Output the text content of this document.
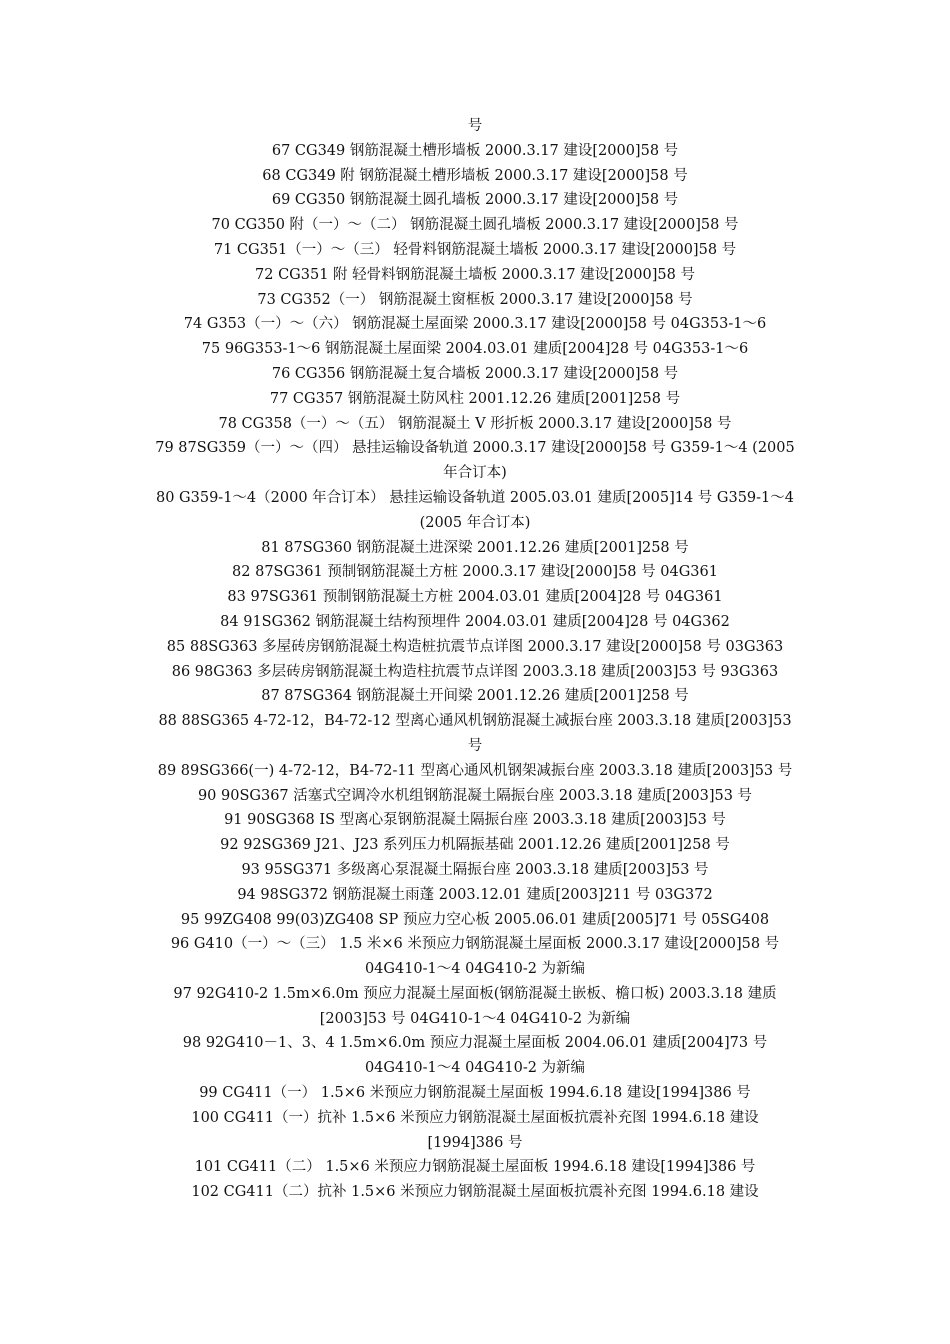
号
67 CG349 钢筋混凝土槽形墙板 2000.3.17 建设[2000]58 号
68 CG349 附 钢筋混凝土槽形墙板 2000.3.17 建设[2000]58 号
69 CG350 钢筋混凝土圆孔墙板 2000.3.17 建设[2000]58 号
70 CG350 附（一）～（二） 钢筋混凝土圆孔墙板 2000.3.17 建设[2000]58 号
71 CG351（一）～（三） 轻骨料钢筋混凝土墙板 2000.3.17 建设[2000]58 号
72 CG351 附 轻骨料钢筋混凝土墙板 2000.3.17 建设[2000]58 号
73 CG352（一） 钢筋混凝土窗框板 2000.3.17 建设[2000]58 号
74 G353（一）～（六） 钢筋混凝土屋面梁 2000.3.17 建设[2000]58 号 04G353-1～6
75 96G353-1～6 钢筋混凝土屋面梁 2004.03.01 建质[2004]28 号 04G353-1～6
76 CG356 钢筋混凝土复合墙板 2000.3.17 建设[2000]58 号
77 CG357 钢筋混凝土防风柱 2001.12.26 建质[2001]258 号
78 CG358（一）～（五） 钢筋混凝土 V 形折板 2000.3.17 建设[2000]58 号
79 87SG359（一）～（四） 悬挂运输设备轨道 2000.3.17 建设[2000]58 号 G359-1～4 (2005
年合订本)
80 G359-1～4（2000 年合订本） 悬挂运输设备轨道 2005.03.01 建质[2005]14 号 G359-1～4
(2005 年合订本)
81 87SG360 钢筋混凝土进深梁 2001.12.26 建质[2001]258 号
82 87SG361 预制钢筋混凝土方桩 2000.3.17 建设[2000]58 号 04G361
83 97SG361 预制钢筋混凝土方桩 2004.03.01 建质[2004]28 号 04G361
84 91SG362 钢筋混凝土结构预埋件 2004.03.01 建质[2004]28 号 04G362
85 88SG363 多屋砖房钢筋混凝土构造桩抗震节点详图 2000.3.17 建设[2000]58 号 03G363
86 98G363 多层砖房钢筋混凝土构造柱抗震节点详图 2003.3.18 建质[2003]53 号 93G363
87 87SG364 钢筋混凝土开间梁 2001.12.26 建质[2001]258 号
88 88SG365 4-72-12，B4-72-12 型离心通风机钢筋混凝土减振台座 2003.3.18 建质[2003]53
号
89 89SG366(一) 4-72-12，B4-72-11 型离心通风机钢架减振台座 2003.3.18 建质[2003]53 号
90 90SG367 活塞式空调冷水机组钢筋混凝土隔振台座 2003.3.18 建质[2003]53 号
91 90SG368 IS 型离心泵钢筋混凝土隔振台座 2003.3.18 建质[2003]53 号
92 92SG369 J21、J23 系列压力机隔振基础 2001.12.26 建质[2001]258 号
93 95SG371 多级离心泵混凝土隔振台座 2003.3.18 建质[2003]53 号
94 98SG372 钢筋混凝土雨蓬 2003.12.01 建质[2003]211 号 03G372
95 99ZG408 99(03)ZG408 SP 预应力空心板 2005.06.01 建质[2005]71 号 05SG408
96 G410（一）～（三） 1.5 米×6 米预应力钢筋混凝土屋面板 2000.3.17 建设[2000]58 号
04G410-1～4 04G410-2 为新编
97 92G410-2 1.5m×6.0m 预应力混凝土屋面板(钢筋混凝土嵌板、檐口板) 2003.3.18 建质
[2003]53 号 04G410-1～4 04G410-2 为新编
98 92G410－1、3、4 1.5m×6.0m 预应力混凝土屋面板 2004.06.01 建质[2004]73 号
04G410-1～4 04G410-2 为新编
99 CG411（一） 1.5×6 米预应力钢筋混凝土屋面板 1994.6.18 建设[1994]386 号
100 CG411（一）抗补 1.5×6 米预应力钢筋混凝土屋面板抗震补充图 1994.6.18 建设
[1994]386 号
101 CG411（二） 1.5×6 米预应力钢筋混凝土屋面板 1994.6.18 建设[1994]386 号
102 CG411（二）抗补 1.5×6 米预应力钢筋混凝土屋面板抗震补充图 1994.6.18 建设
